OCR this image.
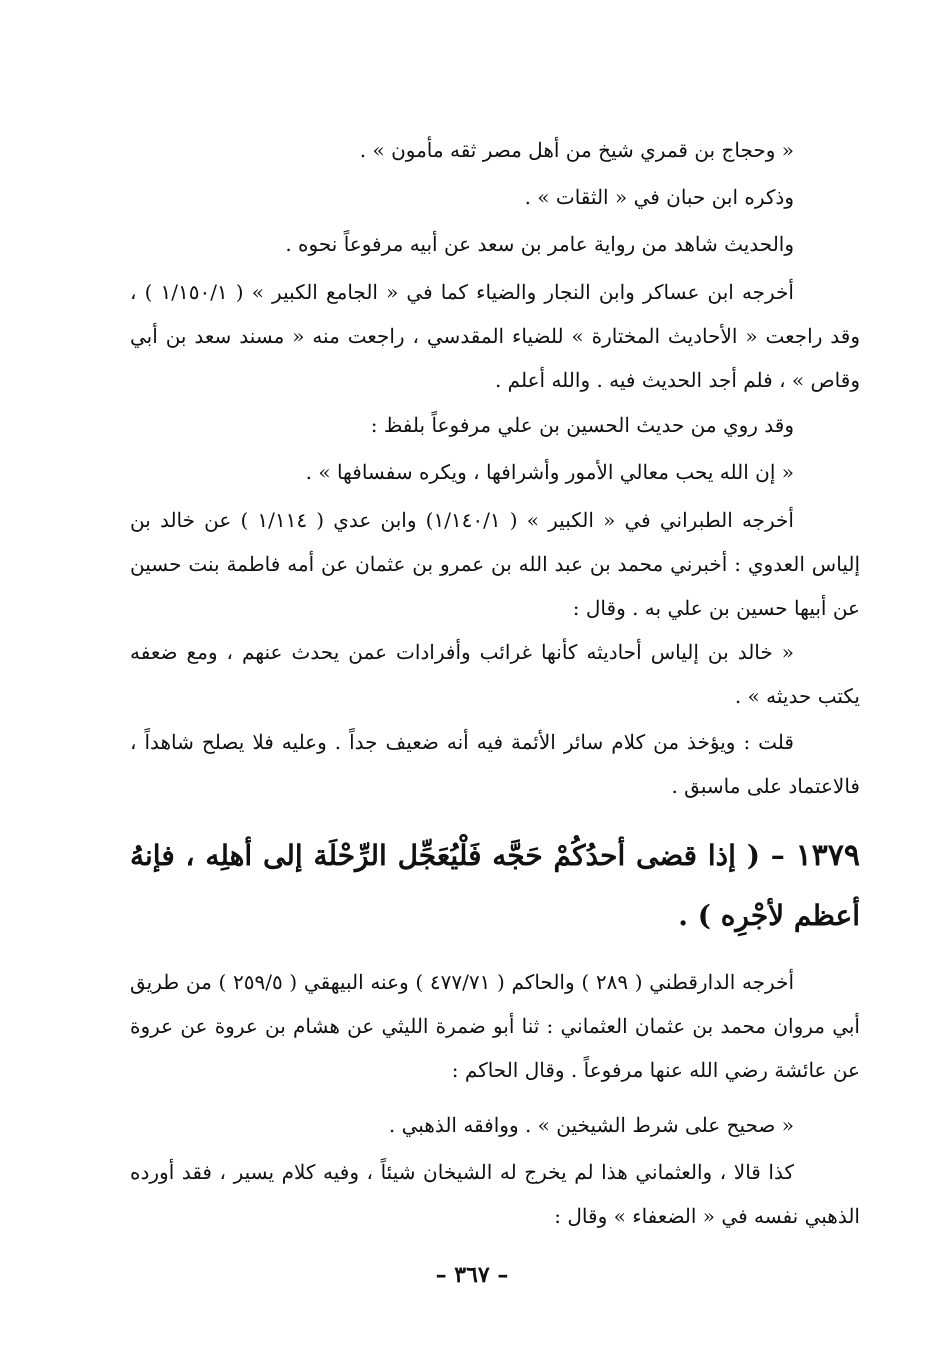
« وحجاج بن قمري شيخ من أهل مصر ثقه مأمون » .

وذكره ابن حبان في « الثقات » .

والحديث شاهد من رواية عامر بن سعد عن أبيه مرفوعاً نحوه .

أخرجه ابن عساكر وابن النجار والضياء كما في « الجامع الكبير » ( ١/١٥٠/١ ) ، وقد راجعت « الأحاديث المختارة » للضياء المقدسي ، راجعت منه « مسند سعد بن أبي وقاص » ، فلم أجد الحديث فيه . والله أعلم .

وقد روي من حديث الحسين بن علي مرفوعاً بلفظ :

« إن الله يحب معالي الأمور وأشرافها ، ويكره سفسافها » .

أخرجه الطبراني في « الكبير » ( ١/١٤٠/١) وابن عدي ( ١/١١٤ ) عن خالد بن إلياس العدوي : أخبرني محمد بن عبد الله بن عمرو بن عثمان عن أمه فاطمة بنت حسين عن أبيها حسين بن علي به . وقال :

« خالد بن إلياس أحاديثه كأنها غرائب وأفرادات عمن يحدث عنهم ، ومع ضعفه يكتب حديثه » .

قلت : ويؤخذ من كلام سائر الأئمة فيه أنه ضعيف جداً . وعليه فلا يصلح شاهداً ، فالاعتماد على ماسبق .

١٣٧٩ – ( إذا قضى أحدُكُمْ حَجَّه فَلْيُعَجِّل الرِّحْلَة إلى أهلِه ، فإنهُ أعظم لأجْرِه ) .

أخرجه الدارقطني ( ٢٨٩ ) والحاكم ( ٤٧٧/٧١ ) وعنه البيهقي ( ٢٥٩/٥ ) من طريق أبي مروان محمد بن عثمان العثماني : ثنا أبو ضمرة الليثي عن هشام بن عروة عن عروة عن عائشة رضي الله عنها مرفوعاً . وقال الحاكم :

« صحيح على شرط الشيخين » . ووافقه الذهبي .

كذا قالا ، والعثماني هذا لم يخرج له الشيخان شيئاً ، وفيه كلام يسير ، فقد أورده الذهبي نفسه في « الضعفاء » وقال :

– ٣٦٧ –
